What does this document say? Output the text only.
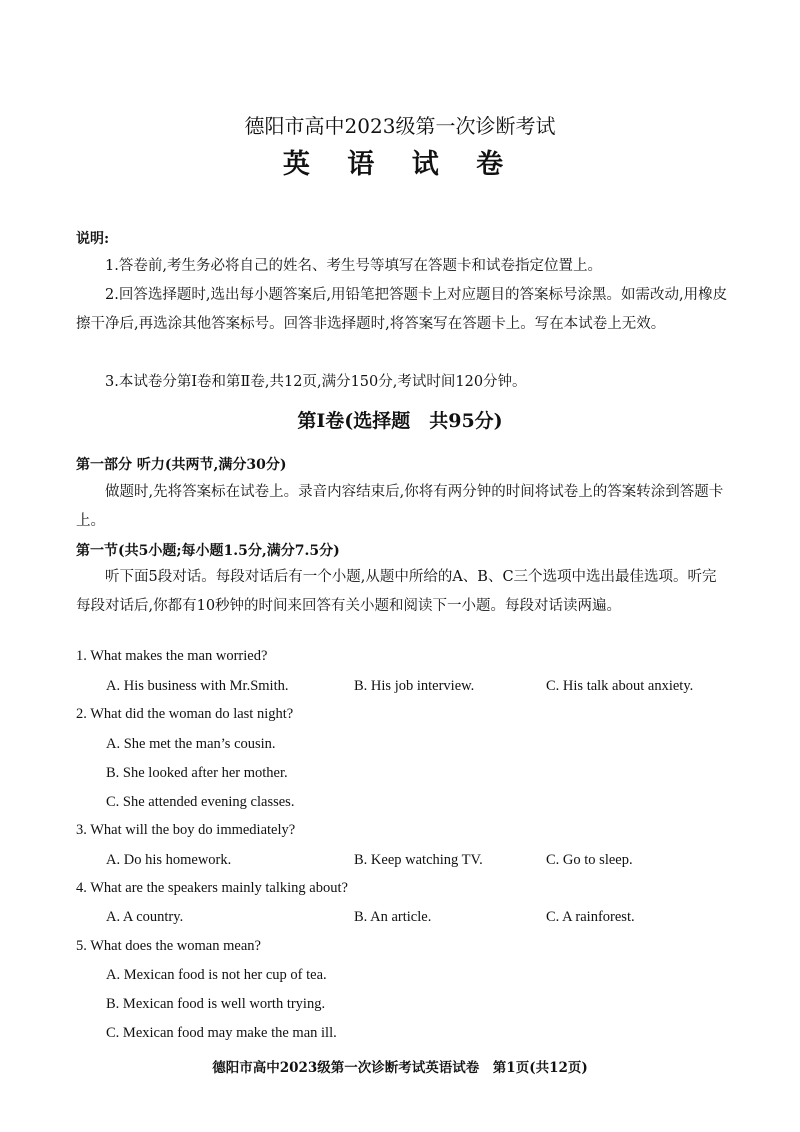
德阳市高中2023级第一次诊断考试
英 语 试 卷
说明:
1.答卷前,考生务必将自己的姓名、考生号等填写在答题卡和试卷指定位置上。
2.回答选择题时,选出每小题答案后,用铅笔把答题卡上对应题目的答案标号涂黑。如需改动,用橡皮擦干净后,再选涂其他答案标号。回答非选择题时,将答案写在答题卡上。写在本试卷上无效。
3.本试卷分第Ⅰ卷和第Ⅱ卷,共12页,满分150分,考试时间120分钟。
第Ⅰ卷(选择题　共95分)
第一部分 听力(共两节,满分30分)
做题时,先将答案标在试卷上。录音内容结束后,你将有两分钟的时间将试卷上的答案转涂到答题卡上。
第一节(共5小题;每小题1.5分,满分7.5分)
听下面5段对话。每段对话后有一个小题,从题中所给的A、B、C三个选项中选出最佳选项。听完每段对话后,你都有10秒钟的时间来回答有关小题和阅读下一小题。每段对话读两遍。
1. What makes the man worried?
A. His business with Mr.Smith.	B. His job interview.	C. His talk about anxiety.
2. What did the woman do last night?
A. She met the man’s cousin.
B. She looked after her mother.
C. She attended evening classes.
3. What will the boy do immediately?
A. Do his homework.	B. Keep watching TV.	C. Go to sleep.
4. What are the speakers mainly talking about?
A. A country.	B. An article.	C. A rainforest.
5. What does the woman mean?
A. Mexican food is not her cup of tea.
B. Mexican food is well worth trying.
C. Mexican food may make the man ill.
德阳市高中2023级第一次诊断考试英语试卷　第1页(共12页)
